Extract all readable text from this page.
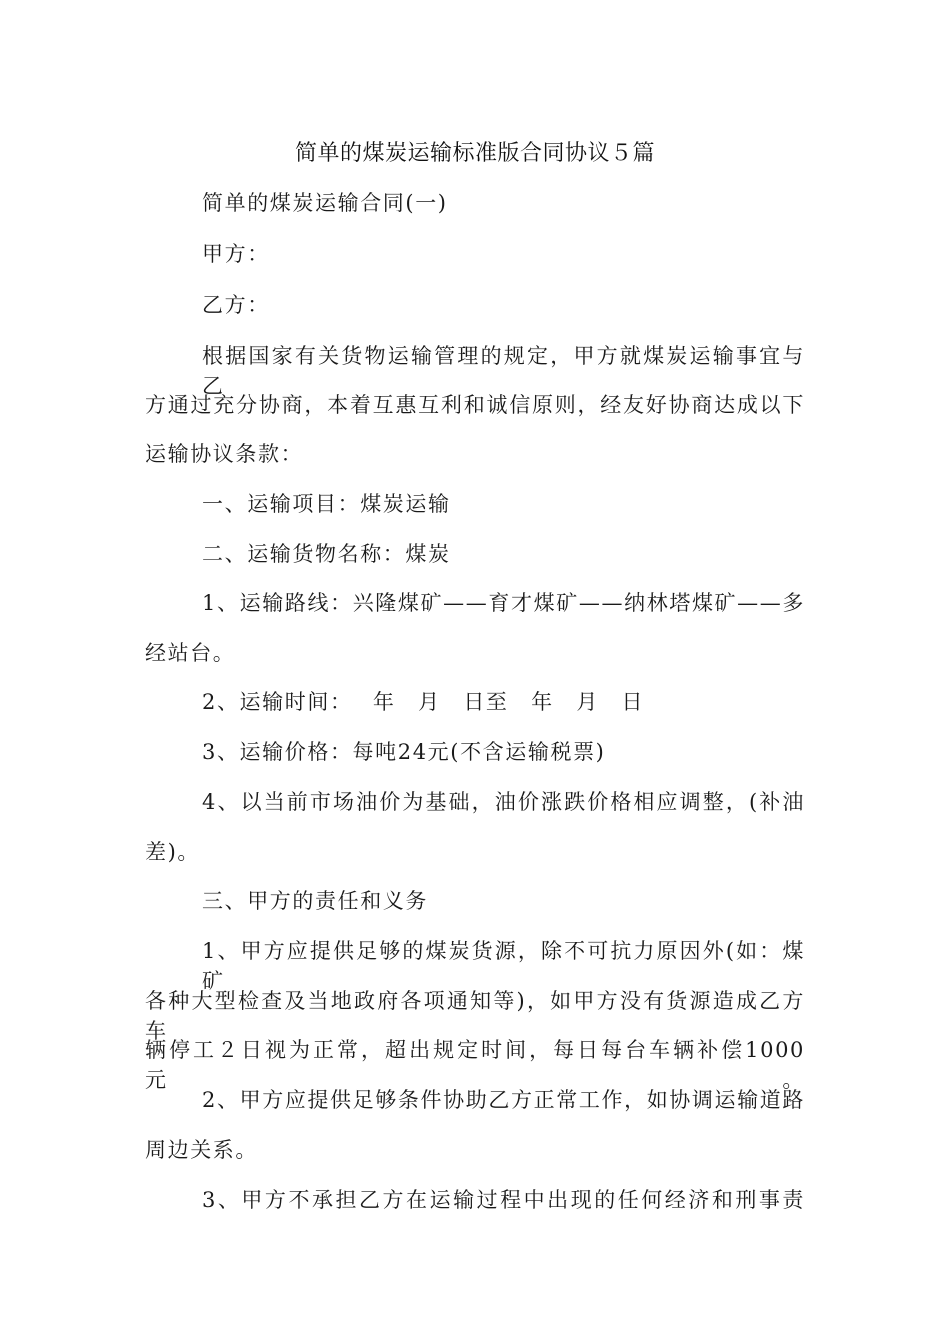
简单的煤炭运输标准版合同协议５篇
简单的煤炭运输合同(一)
甲方：
乙方：
根据国家有关货物运输管理的规定，甲方就煤炭运输事宜与乙
方通过充分协商，本着互惠互利和诚信原则，经友好协商达成以下
运输协议条款：
一、运输项目：煤炭运输
二、运输货物名称：煤炭
1、运输路线：兴隆煤矿——育才煤矿——纳林塔煤矿——多
经站台。
2、运输时间：　 年　月　日至　年　月　日
3、运输价格：每吨24元(不含运输税票)
4、以当前市场油价为基础，油价涨跌价格相应调整，(补油
差)。
三、甲方的责任和义务
1、甲方应提供足够的煤炭货源，除不可抗力原因外(如：煤矿
各种大型检查及当地政府各项通知等)，如甲方没有货源造成乙方车
辆停工２日视为正常，超出规定时间，每日每台车辆补偿1000元。
2、甲方应提供足够条件协助乙方正常工作，如协调运输道路
周边关系。
3、甲方不承担乙方在运输过程中出现的任何经济和刑事责
